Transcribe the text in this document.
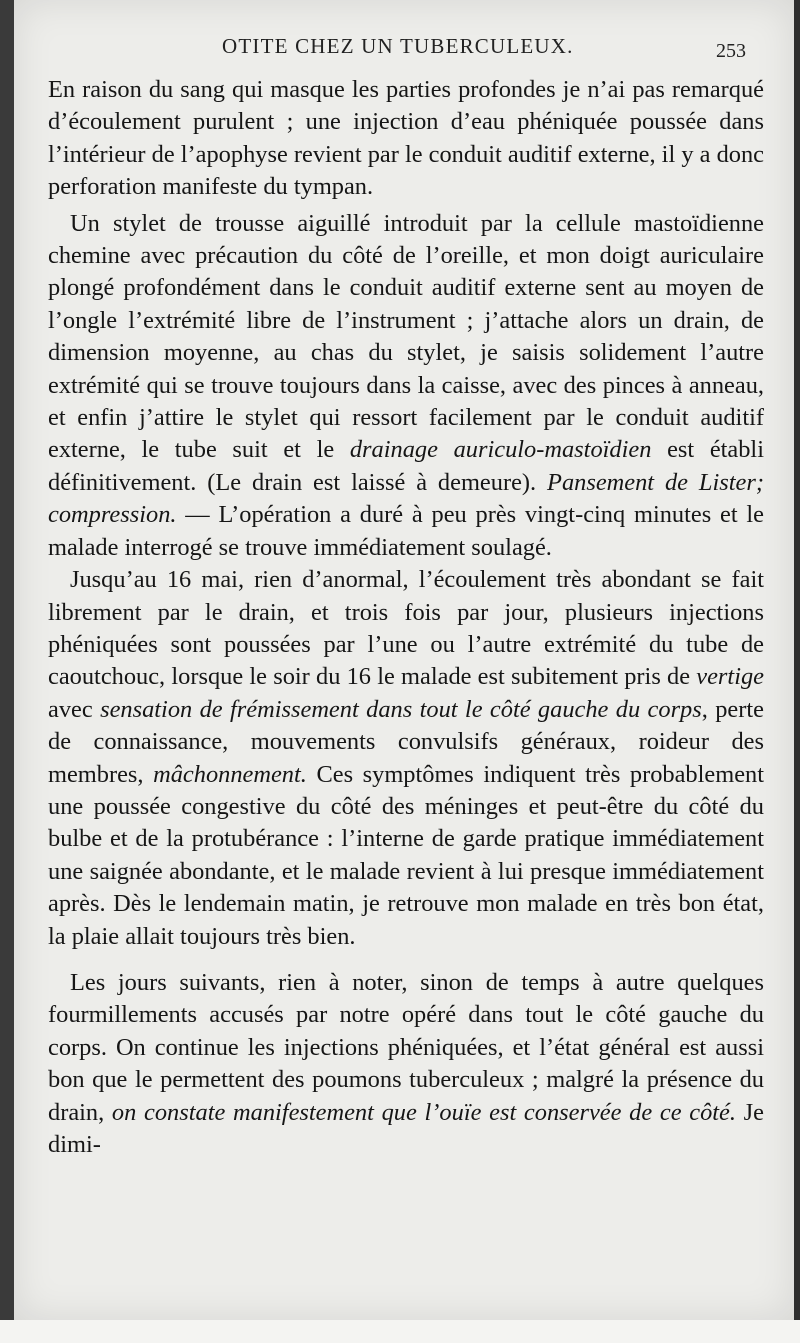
OTITE CHEZ UN TUBERCULEUX.	253

En raison du sang qui masque les parties profondes je n’ai pas remarqué d’écoulement purulent ; une injection d’eau phéniquée poussée dans l’intérieur de l’apophyse revient par le conduit auditif externe, il y a donc perforation manifeste du tympan.

Un stylet de trousse aiguillé introduit par la cellule mastoïdienne chemine avec précaution du côté de l’oreille, et mon doigt auriculaire plongé profondément dans le conduit auditif externe sent au moyen de l’ongle l’extrémité libre de l’instrument ; j’attache alors un drain, de dimension moyenne, au chas du stylet, je saisis solidement l’autre extrémité qui se trouve toujours dans la caisse, avec des pinces à anneau, et enfin j’attire le stylet qui ressort facilement par le conduit auditif externe, le tube suit et le drainage auriculo-mastoïdien est établi définitivement. (Le drain est laissé à demeure). Pansement de Lister; compression. — L’opération a duré à peu près vingt-cinq minutes et le malade interrogé se trouve immédiatement soulagé.

Jusqu’au 16 mai, rien d’anormal, l’écoulement très abondant se fait librement par le drain, et trois fois par jour, plusieurs injections phéniquées sont poussées par l’une ou l’autre extrémité du tube de caoutchouc, lorsque le soir du 16 le malade est subitement pris de vertige avec sensation de frémissement dans tout le côté gauche du corps, perte de connaissance, mouvements convulsifs généraux, roideur des membres, mâchonnement. Ces symptômes indiquent très probablement une poussée congestive du côté des méninges et peut-être du côté du bulbe et de la protubérance : l’interne de garde pratique immédiatement une saignée abondante, et le malade revient à lui presque immédiatement après. Dès le lendemain matin, je retrouve mon malade en très bon état, la plaie allait toujours très bien.

Les jours suivants, rien à noter, sinon de temps à autre quelques fourmillements accusés par notre opéré dans tout le côté gauche du corps. On continue les injections phéniquées, et l’état général est aussi bon que le permettent des poumons tuberculeux ; malgré la présence du drain, on constate manifestement que l’ouïe est conservée de ce côté. Je dimi-
